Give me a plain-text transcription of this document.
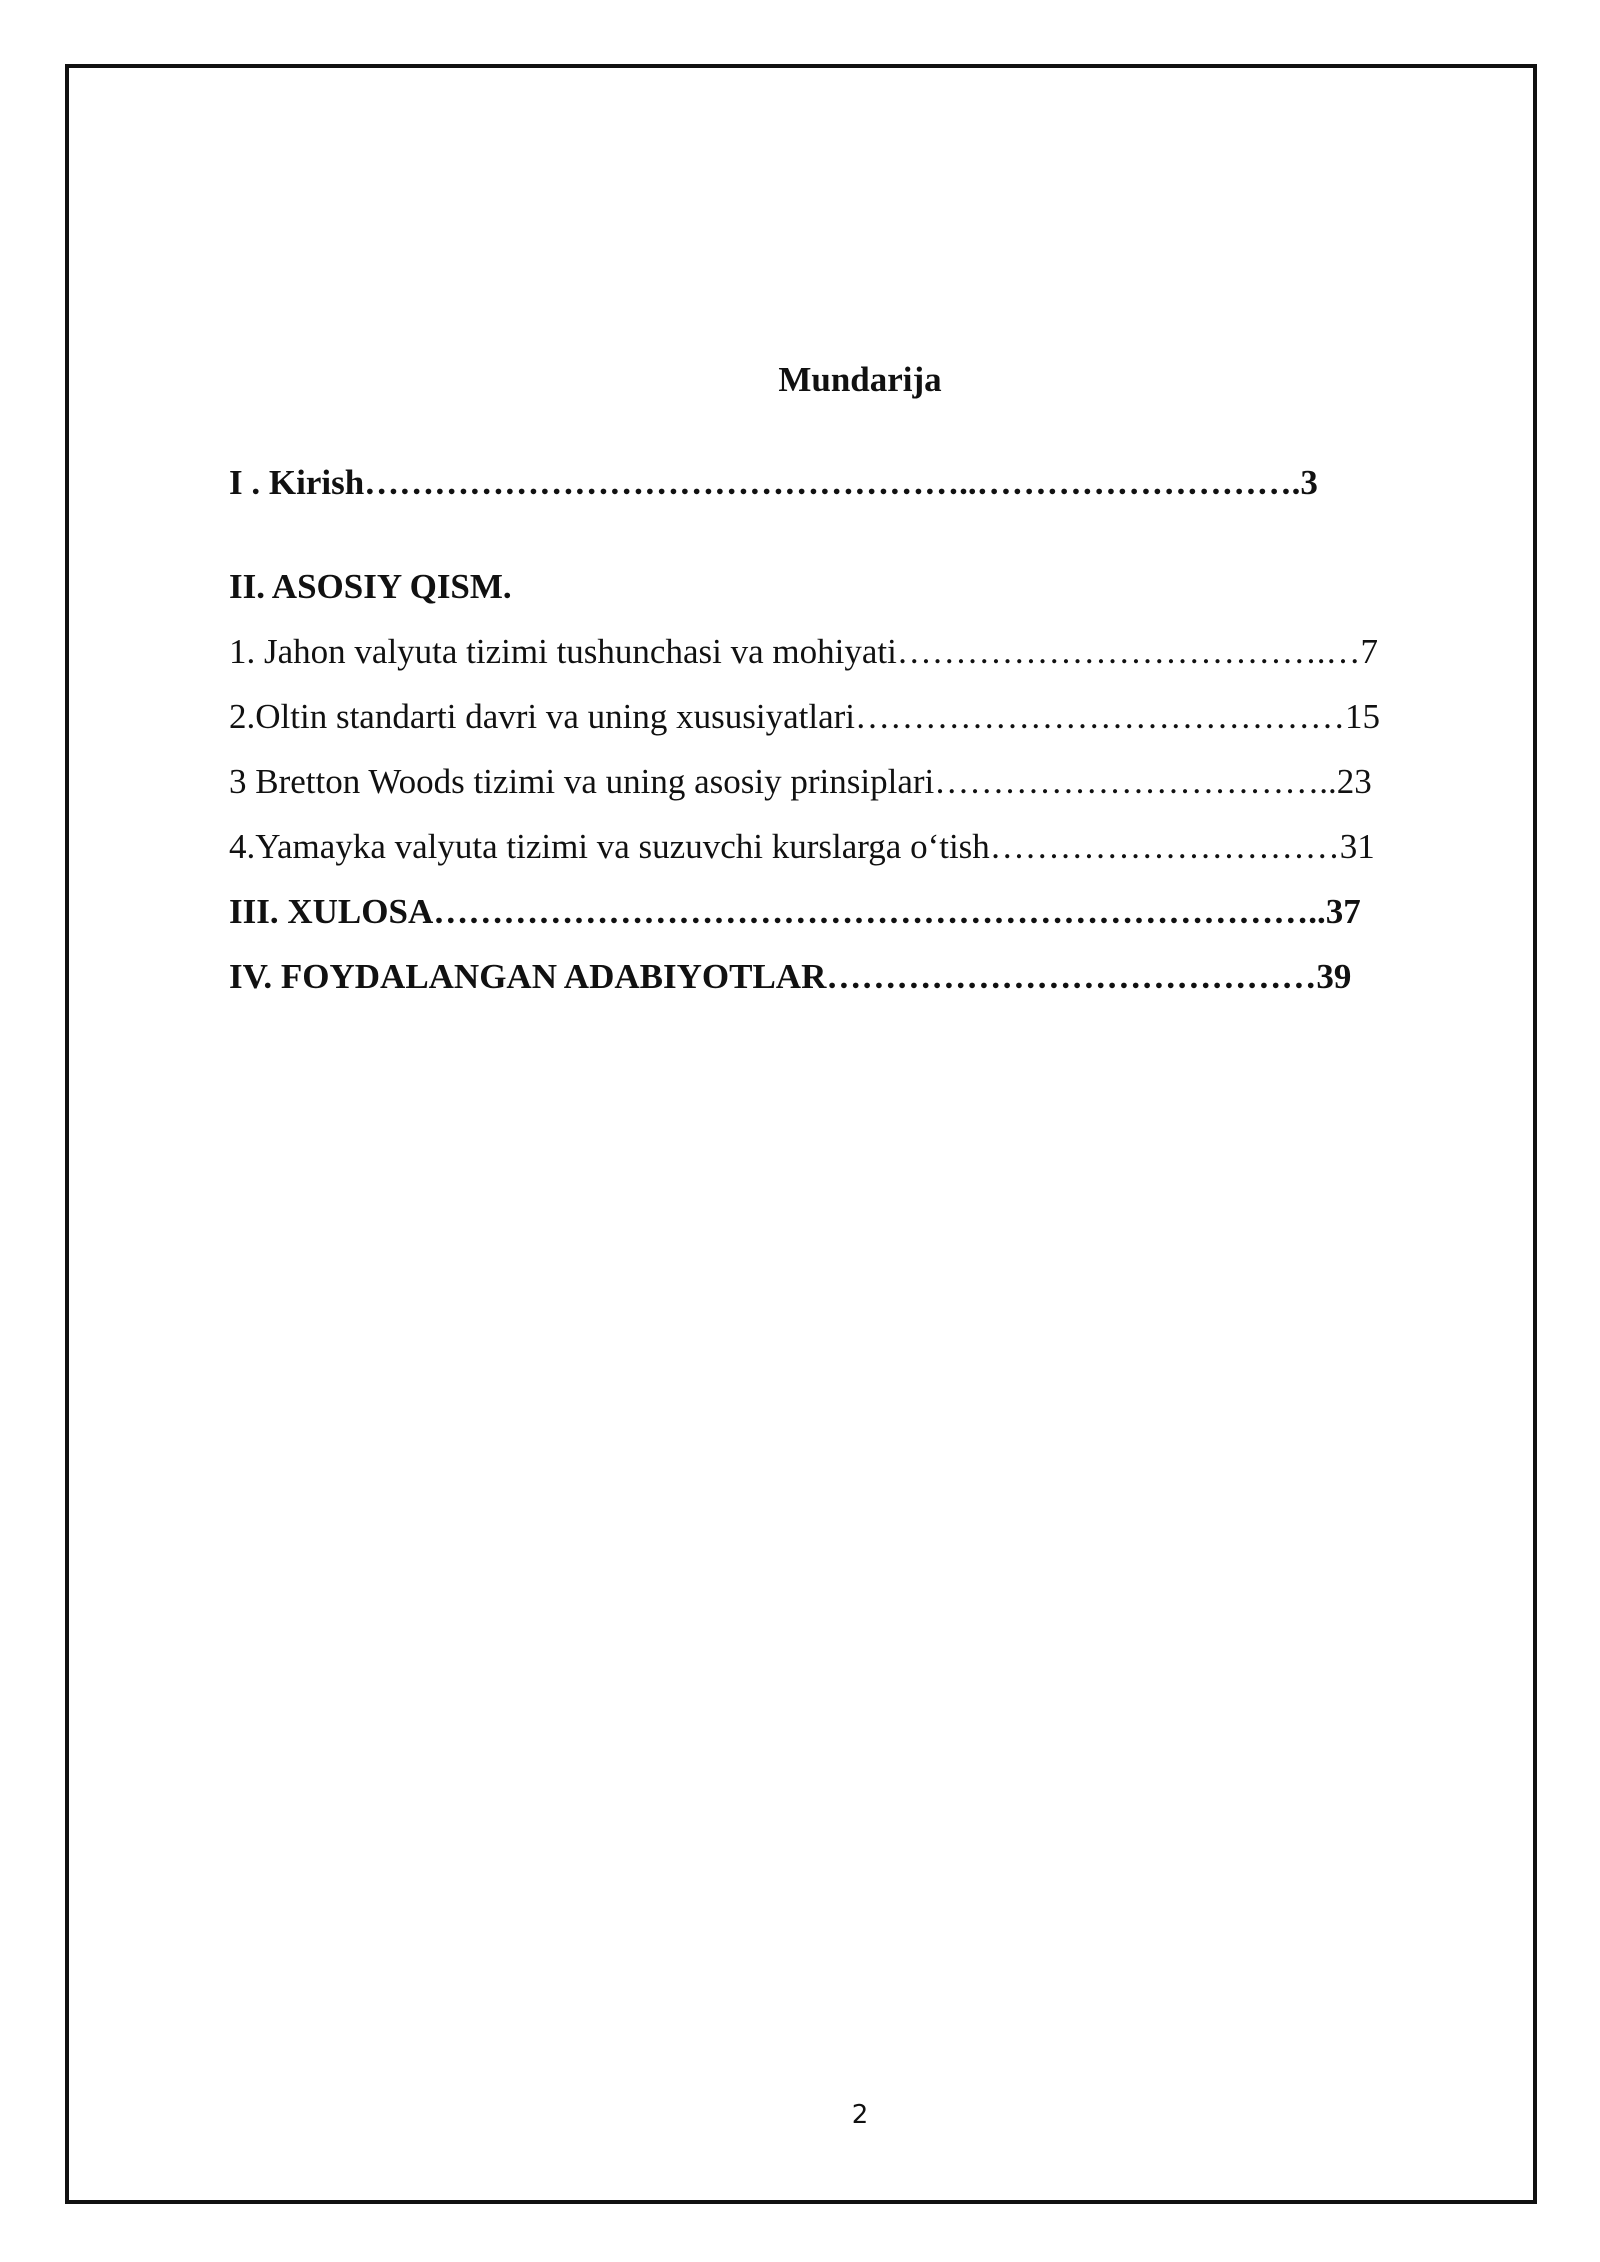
Mundarija
I . Kirish……………………………………………..……………………….3
II. ASOSIY QISM.
1. Jahon valyuta tizimi tushunchasi va mohiyati……………………………….…7
2.Oltin standarti davri va uning xususiyatlari……………………………………15
3 Bretton Woods tizimi va uning asosiy prinsiplari……………………………..23
4.Yamayka valyuta tizimi va suzuvchi kurslarga o‘tish…………………………31
III. XULOSA…………………………………………………………………..37
IV. FOYDALANGAN ADABIYOTLAR……………………………………39
2
